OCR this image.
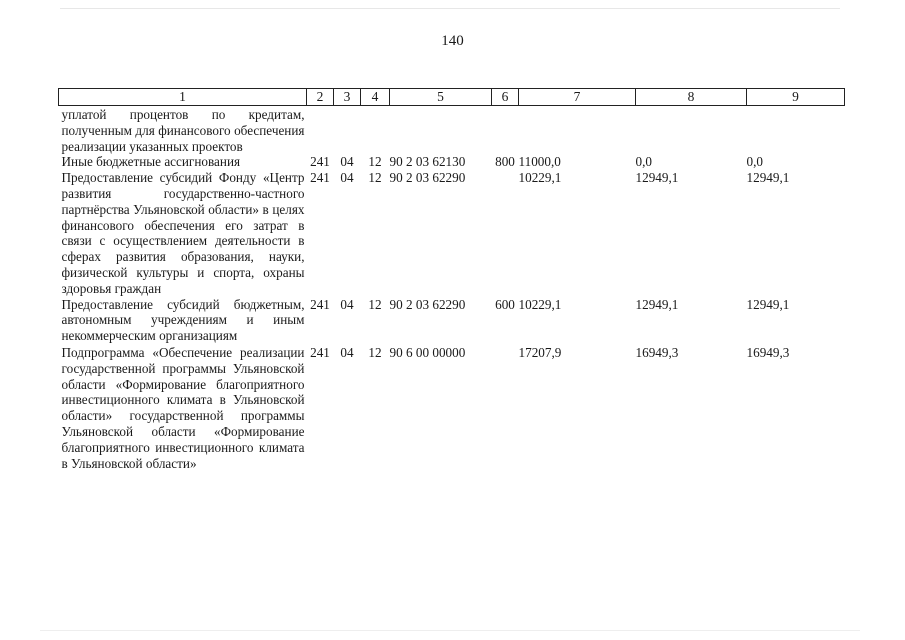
140
1	2	3	4	5	6	7	8	9
уплатой процентов по кредитам, полученным для финансового обеспечения реализации указанных проектов								
Иные бюджетные ассигнования	241	04	12	90 2 03 62130	800	11000,0	0,0	0,0
Предоставление субсидий Фонду «Центр развития государственно-частного партнёрства Ульяновской области» в целях финансового обеспечения его затрат в связи с осуществлением деятельности в сферах развития образования, науки, физической культуры и спорта, охраны здоровья граждан	241	04	12	90 2 03 62290		10229,1	12949,1	12949,1
Предоставление субсидий бюджетным, автономным учреждениям и иным некоммерческим организациям	241	04	12	90 2 03 62290	600	10229,1	12949,1	12949,1
Подпрограмма «Обеспечение реализации государственной программы Ульяновской области «Формирование благоприятного инвестиционного климата в Ульяновской области» государственной программы Ульяновской области «Формирование благоприятного инвестиционного климата в Ульяновской области»	241	04	12	90 6 00 00000		17207,9	16949,3	16949,3
